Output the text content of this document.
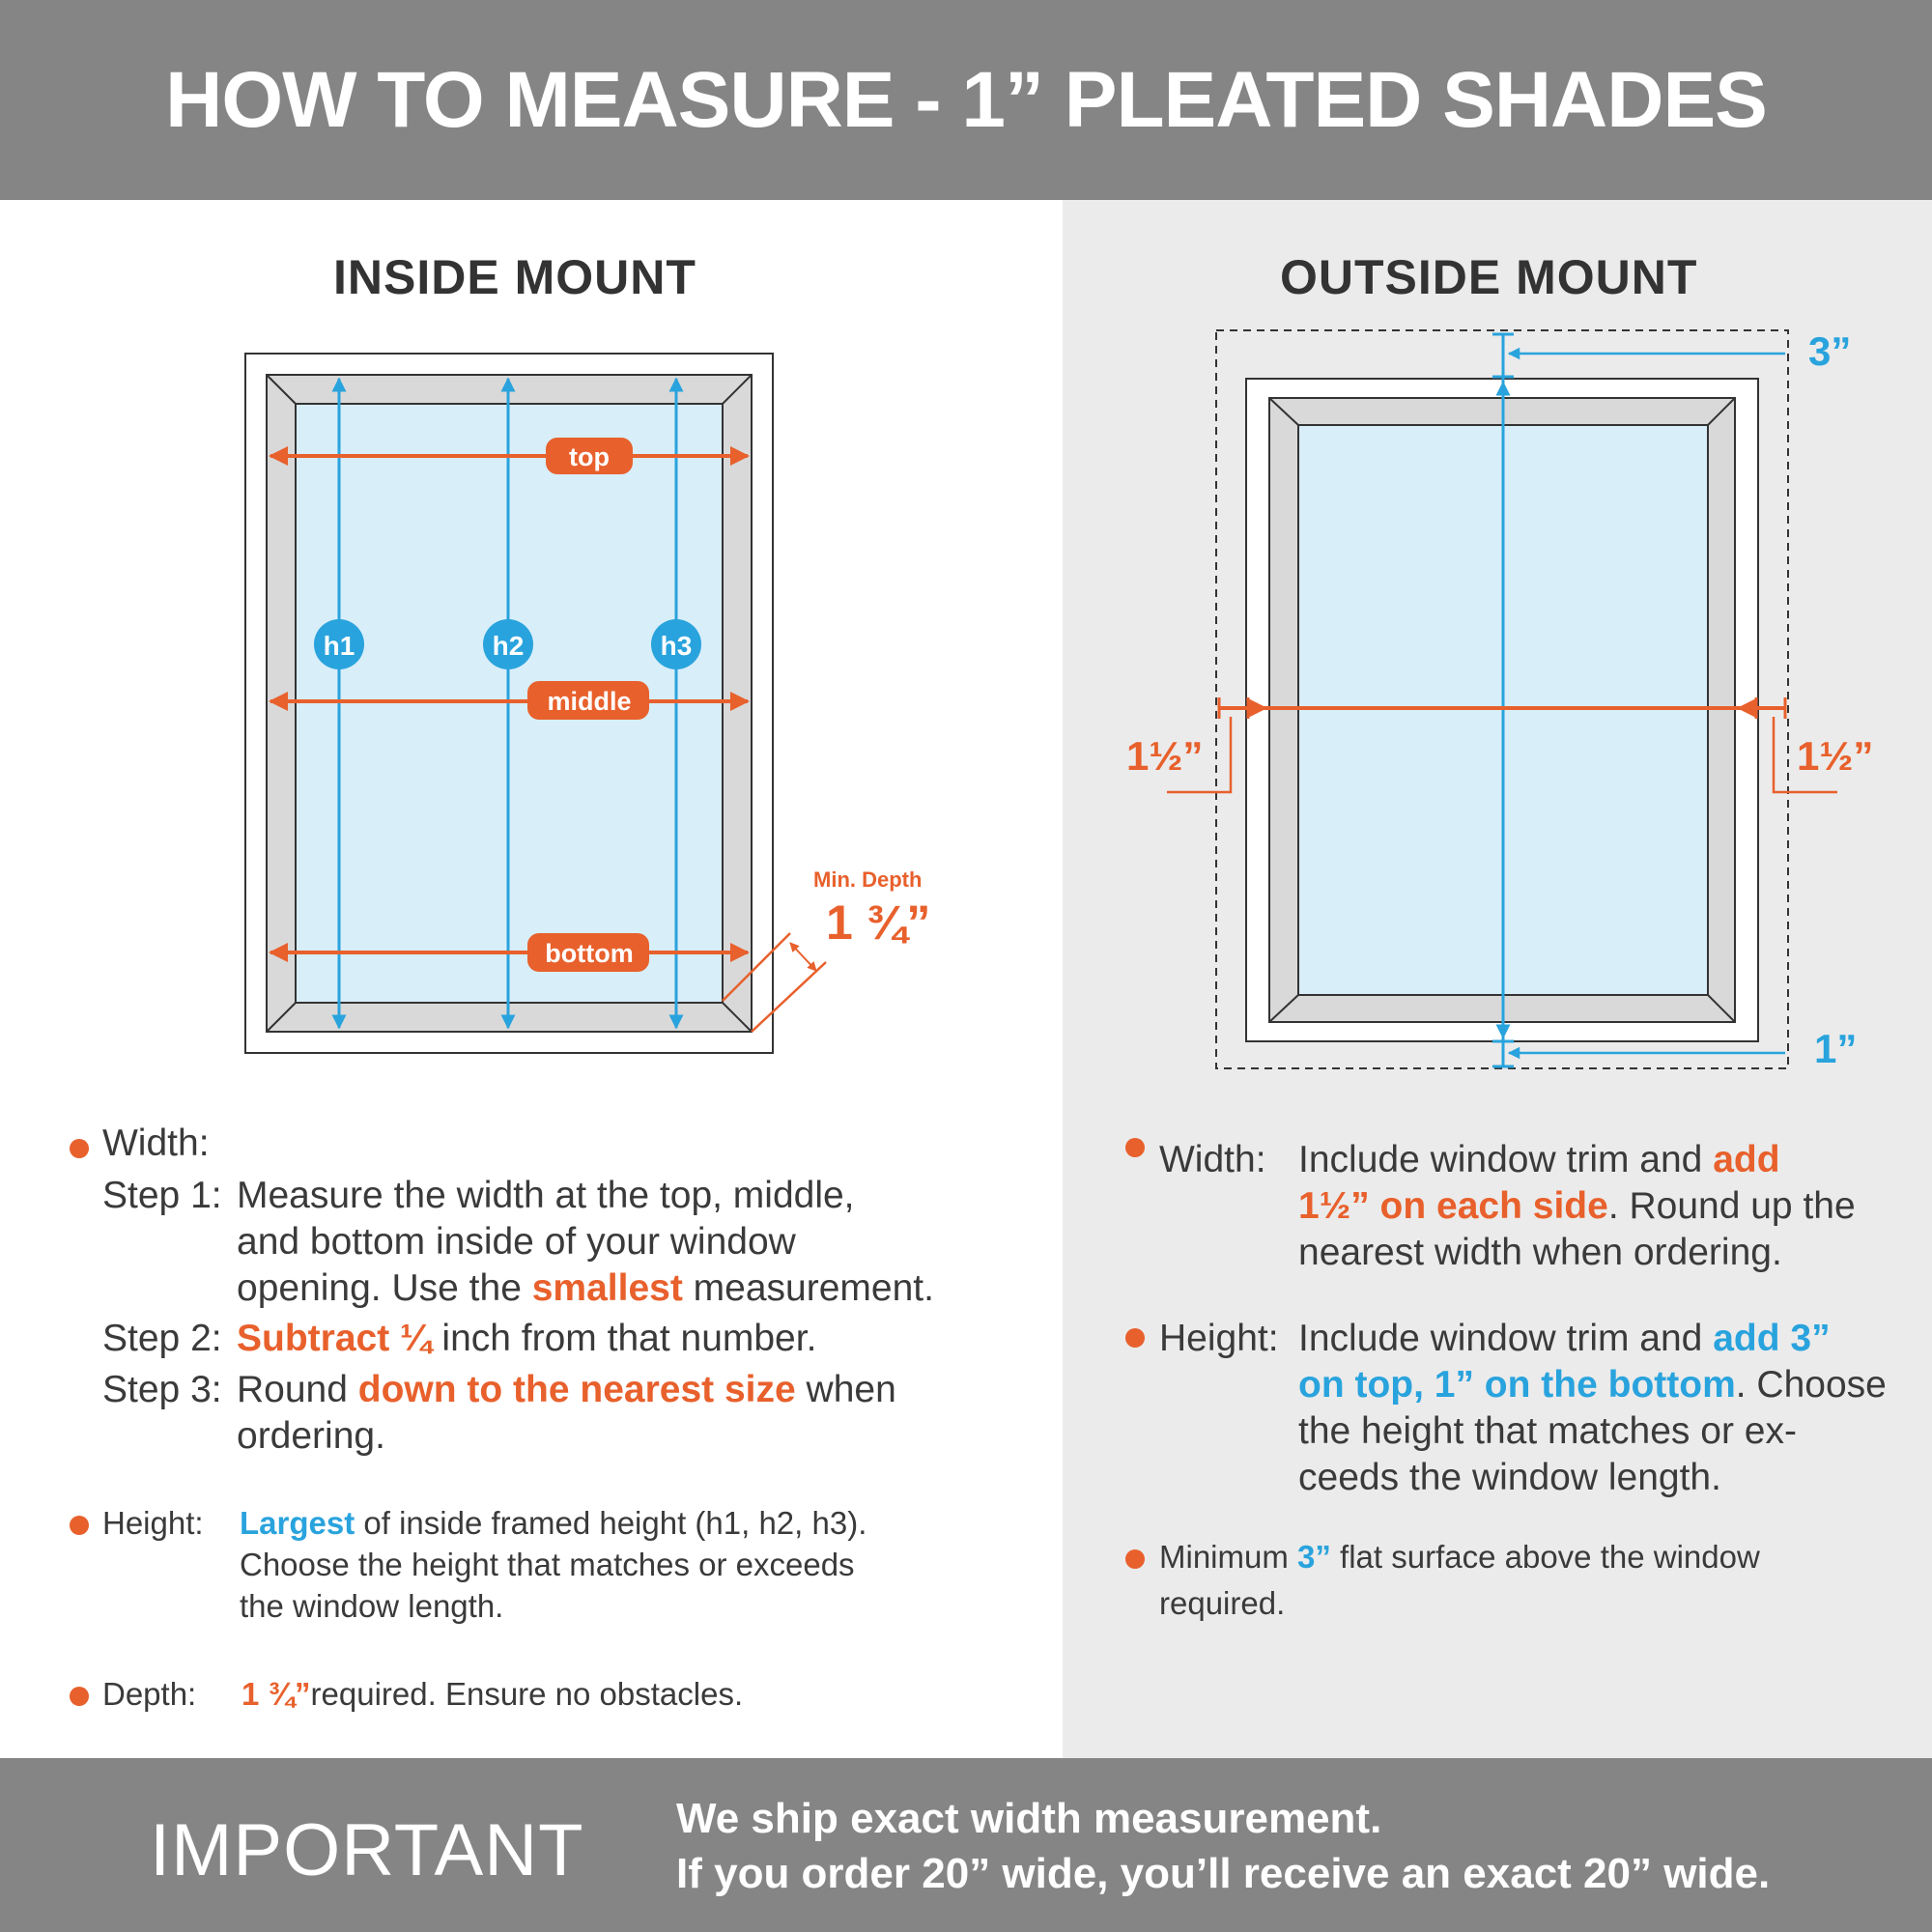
HOW TO MEASURE - 1” PLEATED SHADES
INSIDE MOUNT	OUTSIDE MOUNT
h1	h2	h3
top
middle
bottom
Min. Depth
1 ¾”
3”
1”
1½”	1½”
Width:
Step 1: Measure the width at the top, middle,
and bottom inside of your window
opening. Use the smallest measurement.
Step 2: Subtract ¼ inch from that number.
Step 3: Round down to the nearest size when
ordering.
Height: Largest of inside framed height (h1, h2, h3).
Choose the height that matches or exceeds
the window length.
Depth: 1 ¾”required. Ensure no obstacles.
Width: Include window trim and add
1½” on each side. Round up the
nearest width when ordering.
Height: Include window trim and add 3”
on top, 1” on the bottom. Choose
the height that matches or ex-
ceeds the window length.
Minimum 3” flat surface above the window
required.
IMPORTANT We ship exact width measurement.
If you order 20” wide, you’ll receive an exact 20” wide.
